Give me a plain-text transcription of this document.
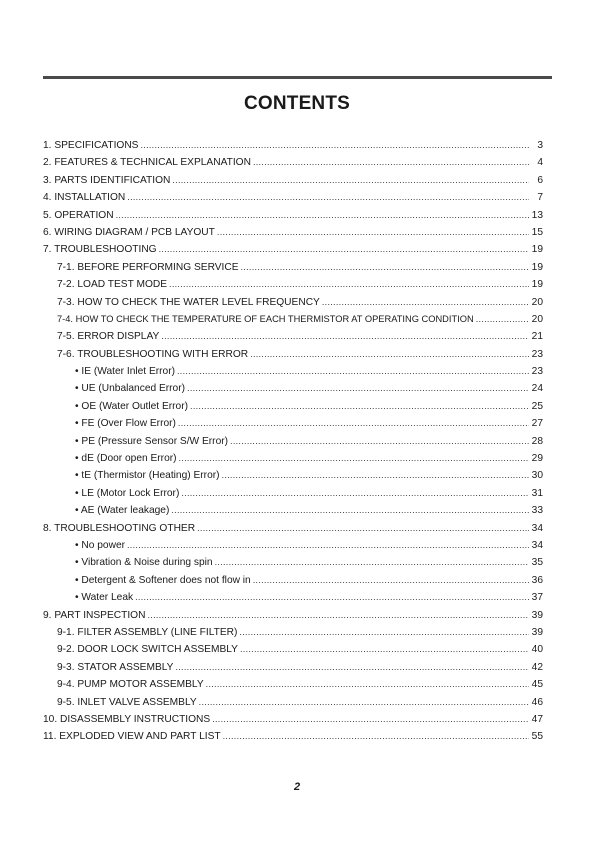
CONTENTS
1. SPECIFICATIONS .....	3
2. FEATURES & TECHNICAL EXPLANATION .....	4
3. PARTS IDENTIFICATION .....	6
4. INSTALLATION .....	7
5. OPERATION .....	13
6. WIRING DIAGRAM / PCB LAYOUT .....	15
7. TROUBLESHOOTING .....	19
7-1. BEFORE PERFORMING SERVICE .....	19
7-2. LOAD TEST MODE .....	19
7-3. HOW TO CHECK THE WATER LEVEL FREQUENCY .....	20
7-4. HOW TO CHECK THE TEMPERATURE OF EACH THERMISTOR AT OPERATING CONDITION .....	20
7-5. ERROR DISPLAY .....	21
7-6. TROUBLESHOOTING WITH ERROR .....	23
• IE (Water Inlet Error) .....	23
• UE (Unbalanced Error) .....	24
• OE (Water Outlet Error) .....	25
• FE (Over Flow Error) .....	27
• PE (Pressure Sensor S/W Error) .....	28
• dE (Door open Error) .....	29
• tE (Thermistor (Heating) Error) .....	30
• LE (Motor Lock Error) .....	31
• AE (Water leakage) .....	33
8. TROUBLESHOOTING OTHER .....	34
• No power .....	34
• Vibration & Noise during spin .....	35
• Detergent & Softener does not flow in .....	36
• Water Leak .....	37
9. PART INSPECTION .....	39
9-1. FILTER ASSEMBLY (LINE FILTER) .....	39
9-2. DOOR LOCK SWITCH ASSEMBLY .....	40
9-3. STATOR ASSEMBLY .....	42
9-4. PUMP MOTOR ASSEMBLY .....	45
9-5. INLET VALVE ASSEMBLY .....	46
10. DISASSEMBLY INSTRUCTIONS .....	47
11. EXPLODED VIEW AND PART LIST .....	55
2
